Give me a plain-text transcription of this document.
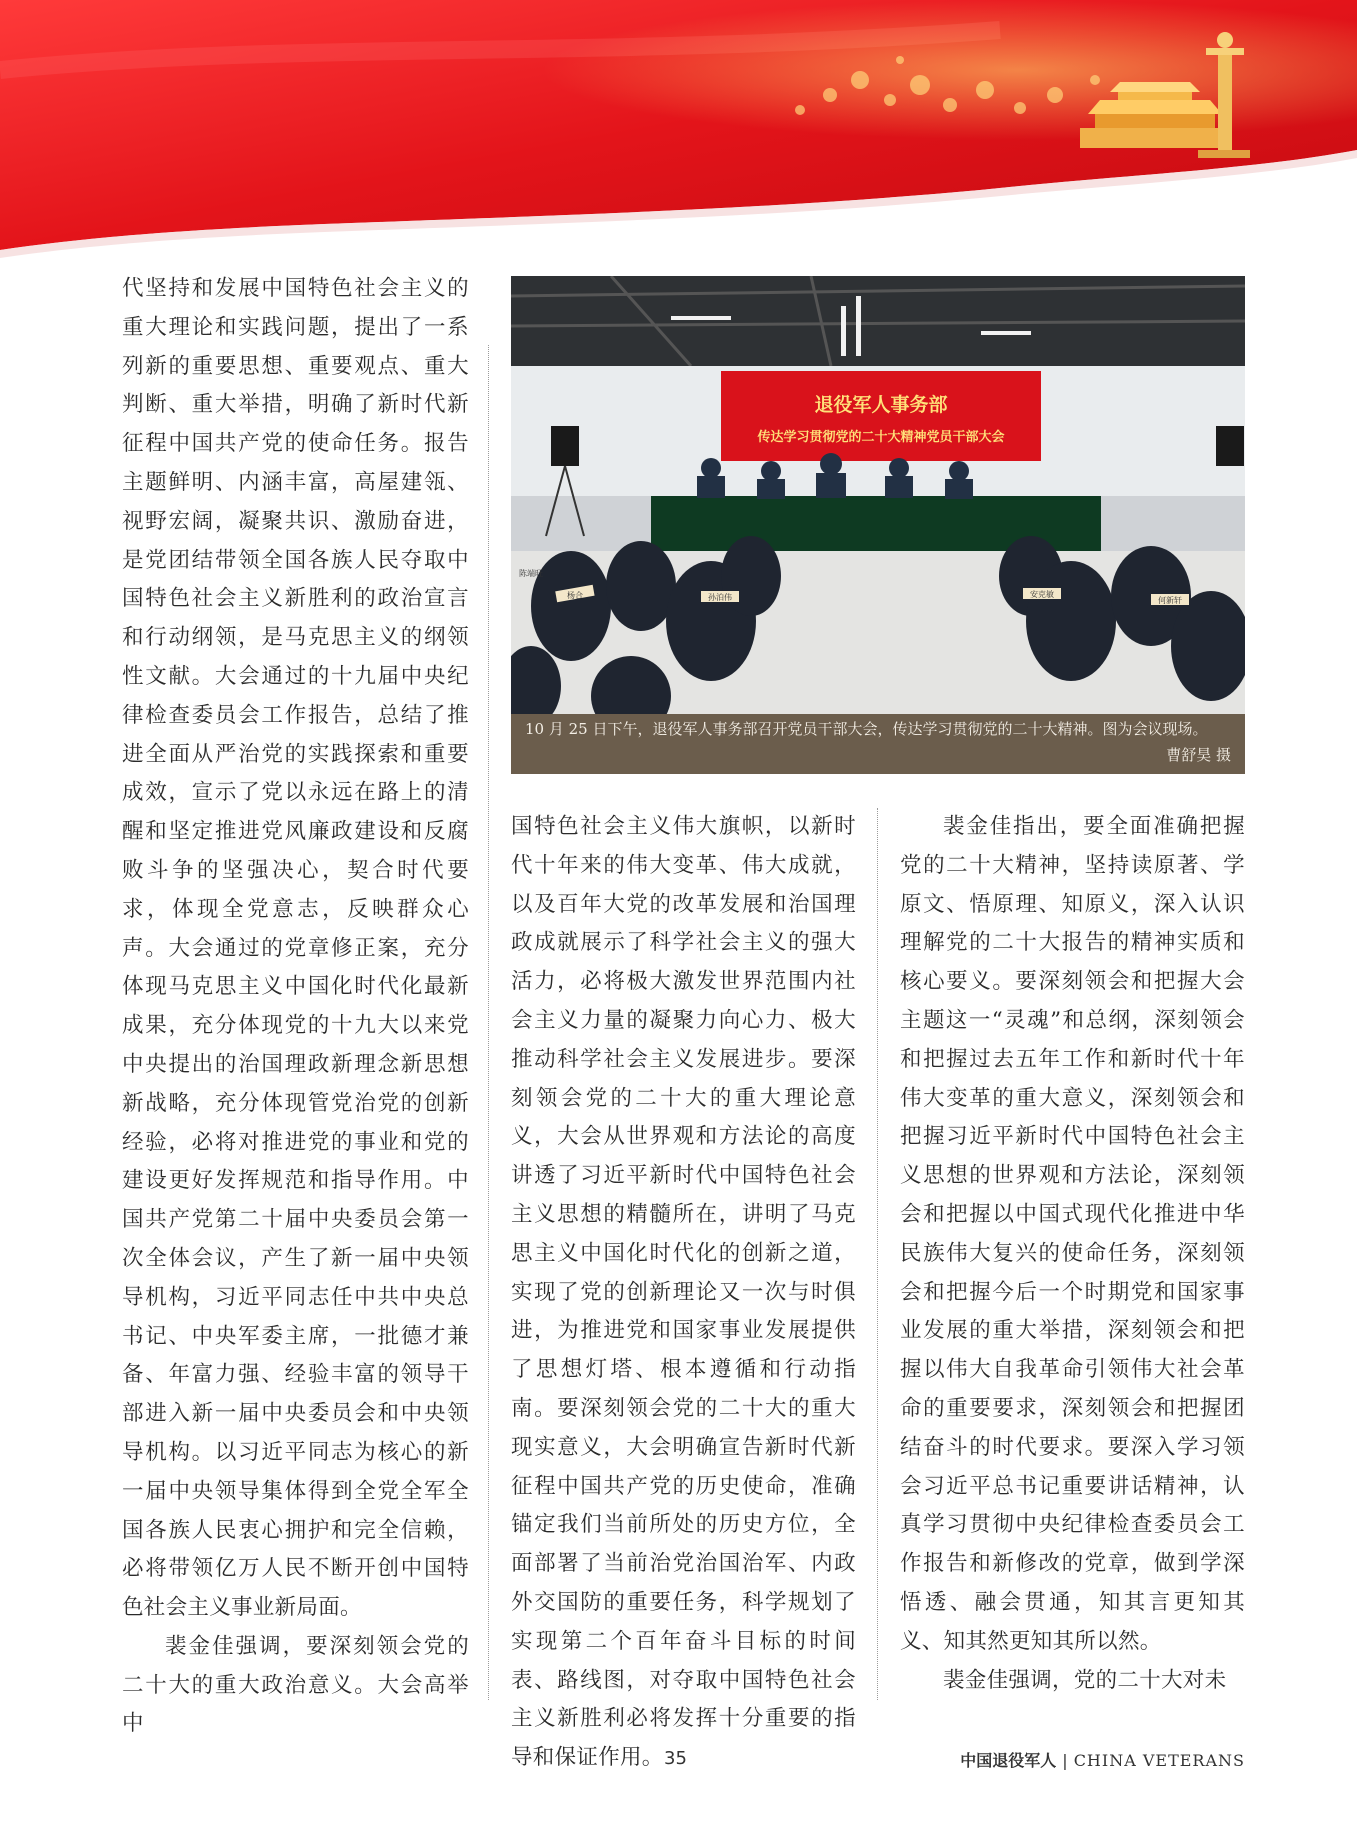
代坚持和发展中国特色社会主义的重大理论和实践问题，提出了一系列新的重要思想、重要观点、重大判断、重大举措，明确了新时代新征程中国共产党的使命任务。报告主题鲜明、内涵丰富，高屋建瓴、视野宏阔，凝聚共识、激励奋进，是党团结带领全国各族人民夺取中国特色社会主义新胜利的政治宣言和行动纲领，是马克思主义的纲领性文献。大会通过的十九届中央纪律检查委员会工作报告，总结了推进全面从严治党的实践探索和重要成效，宣示了党以永远在路上的清醒和坚定推进党风廉政建设和反腐败斗争的坚强决心，契合时代要求，体现全党意志，反映群众心声。大会通过的党章修正案，充分体现马克思主义中国化时代化最新成果，充分体现党的十九大以来党中央提出的治国理政新理念新思想新战略，充分体现管党治党的创新经验，必将对推进党的事业和党的建设更好发挥规范和指导作用。中国共产党第二十届中央委员会第一次全体会议，产生了新一届中央领导机构，习近平同志任中共中央总书记、中央军委主席，一批德才兼备、年富力强、经验丰富的领导干部进入新一届中央委员会和中央领导机构。以习近平同志为核心的新一届中央领导集体得到全党全军全国各族人民衷心拥护和完全信赖，必将带领亿万人民不断开创中国特色社会主义事业新局面。

裴金佳强调，要深刻领会党的二十大的重大政治意义。大会高举中

退役军人事务部
传达学习贯彻党的二十大精神党员干部大会
杨合	孙泊伟	安克敏
何新轩
陈端旺
10 月 25 日下午，退役军人事务部召开党员干部大会，传达学习贯彻党的二十大精神。图为会议现场。
曹舒昊 摄

国特色社会主义伟大旗帜，以新时代十年来的伟大变革、伟大成就，以及百年大党的改革发展和治国理政成就展示了科学社会主义的强大活力，必将极大激发世界范围内社会主义力量的凝聚力向心力、极大推动科学社会主义发展进步。要深刻领会党的二十大的重大理论意义，大会从世界观和方法论的高度讲透了习近平新时代中国特色社会主义思想的精髓所在，讲明了马克思主义中国化时代化的创新之道，实现了党的创新理论又一次与时俱进，为推进党和国家事业发展提供了思想灯塔、根本遵循和行动指南。要深刻领会党的二十大的重大现实意义，大会明确宣告新时代新征程中国共产党的历史使命，准确锚定我们当前所处的历史方位，全面部署了当前治党治国治军、内政外交国防的重要任务，科学规划了实现第二个百年奋斗目标的时间表、路线图，对夺取中国特色社会主义新胜利必将发挥十分重要的指导和保证作用。

裴金佳指出，要全面准确把握党的二十大精神，坚持读原著、学原文、悟原理、知原义，深入认识理解党的二十大报告的精神实质和核心要义。要深刻领会和把握大会主题这一“灵魂”和总纲，深刻领会和把握过去五年工作和新时代十年伟大变革的重大意义，深刻领会和把握习近平新时代中国特色社会主义思想的世界观和方法论，深刻领会和把握以中国式现代化推进中华民族伟大复兴的使命任务，深刻领会和把握今后一个时期党和国家事业发展的重大举措，深刻领会和把握以伟大自我革命引领伟大社会革命的重要要求，深刻领会和把握团结奋斗的时代要求。要深入学习领会习近平总书记重要讲话精神，认真学习贯彻中央纪律检查委员会工作报告和新修改的党章，做到学深悟透、融会贯通，知其言更知其义、知其然更知其所以然。

裴金佳强调，党的二十大对未

35	中国退役军人 | CHINA VETERANS
